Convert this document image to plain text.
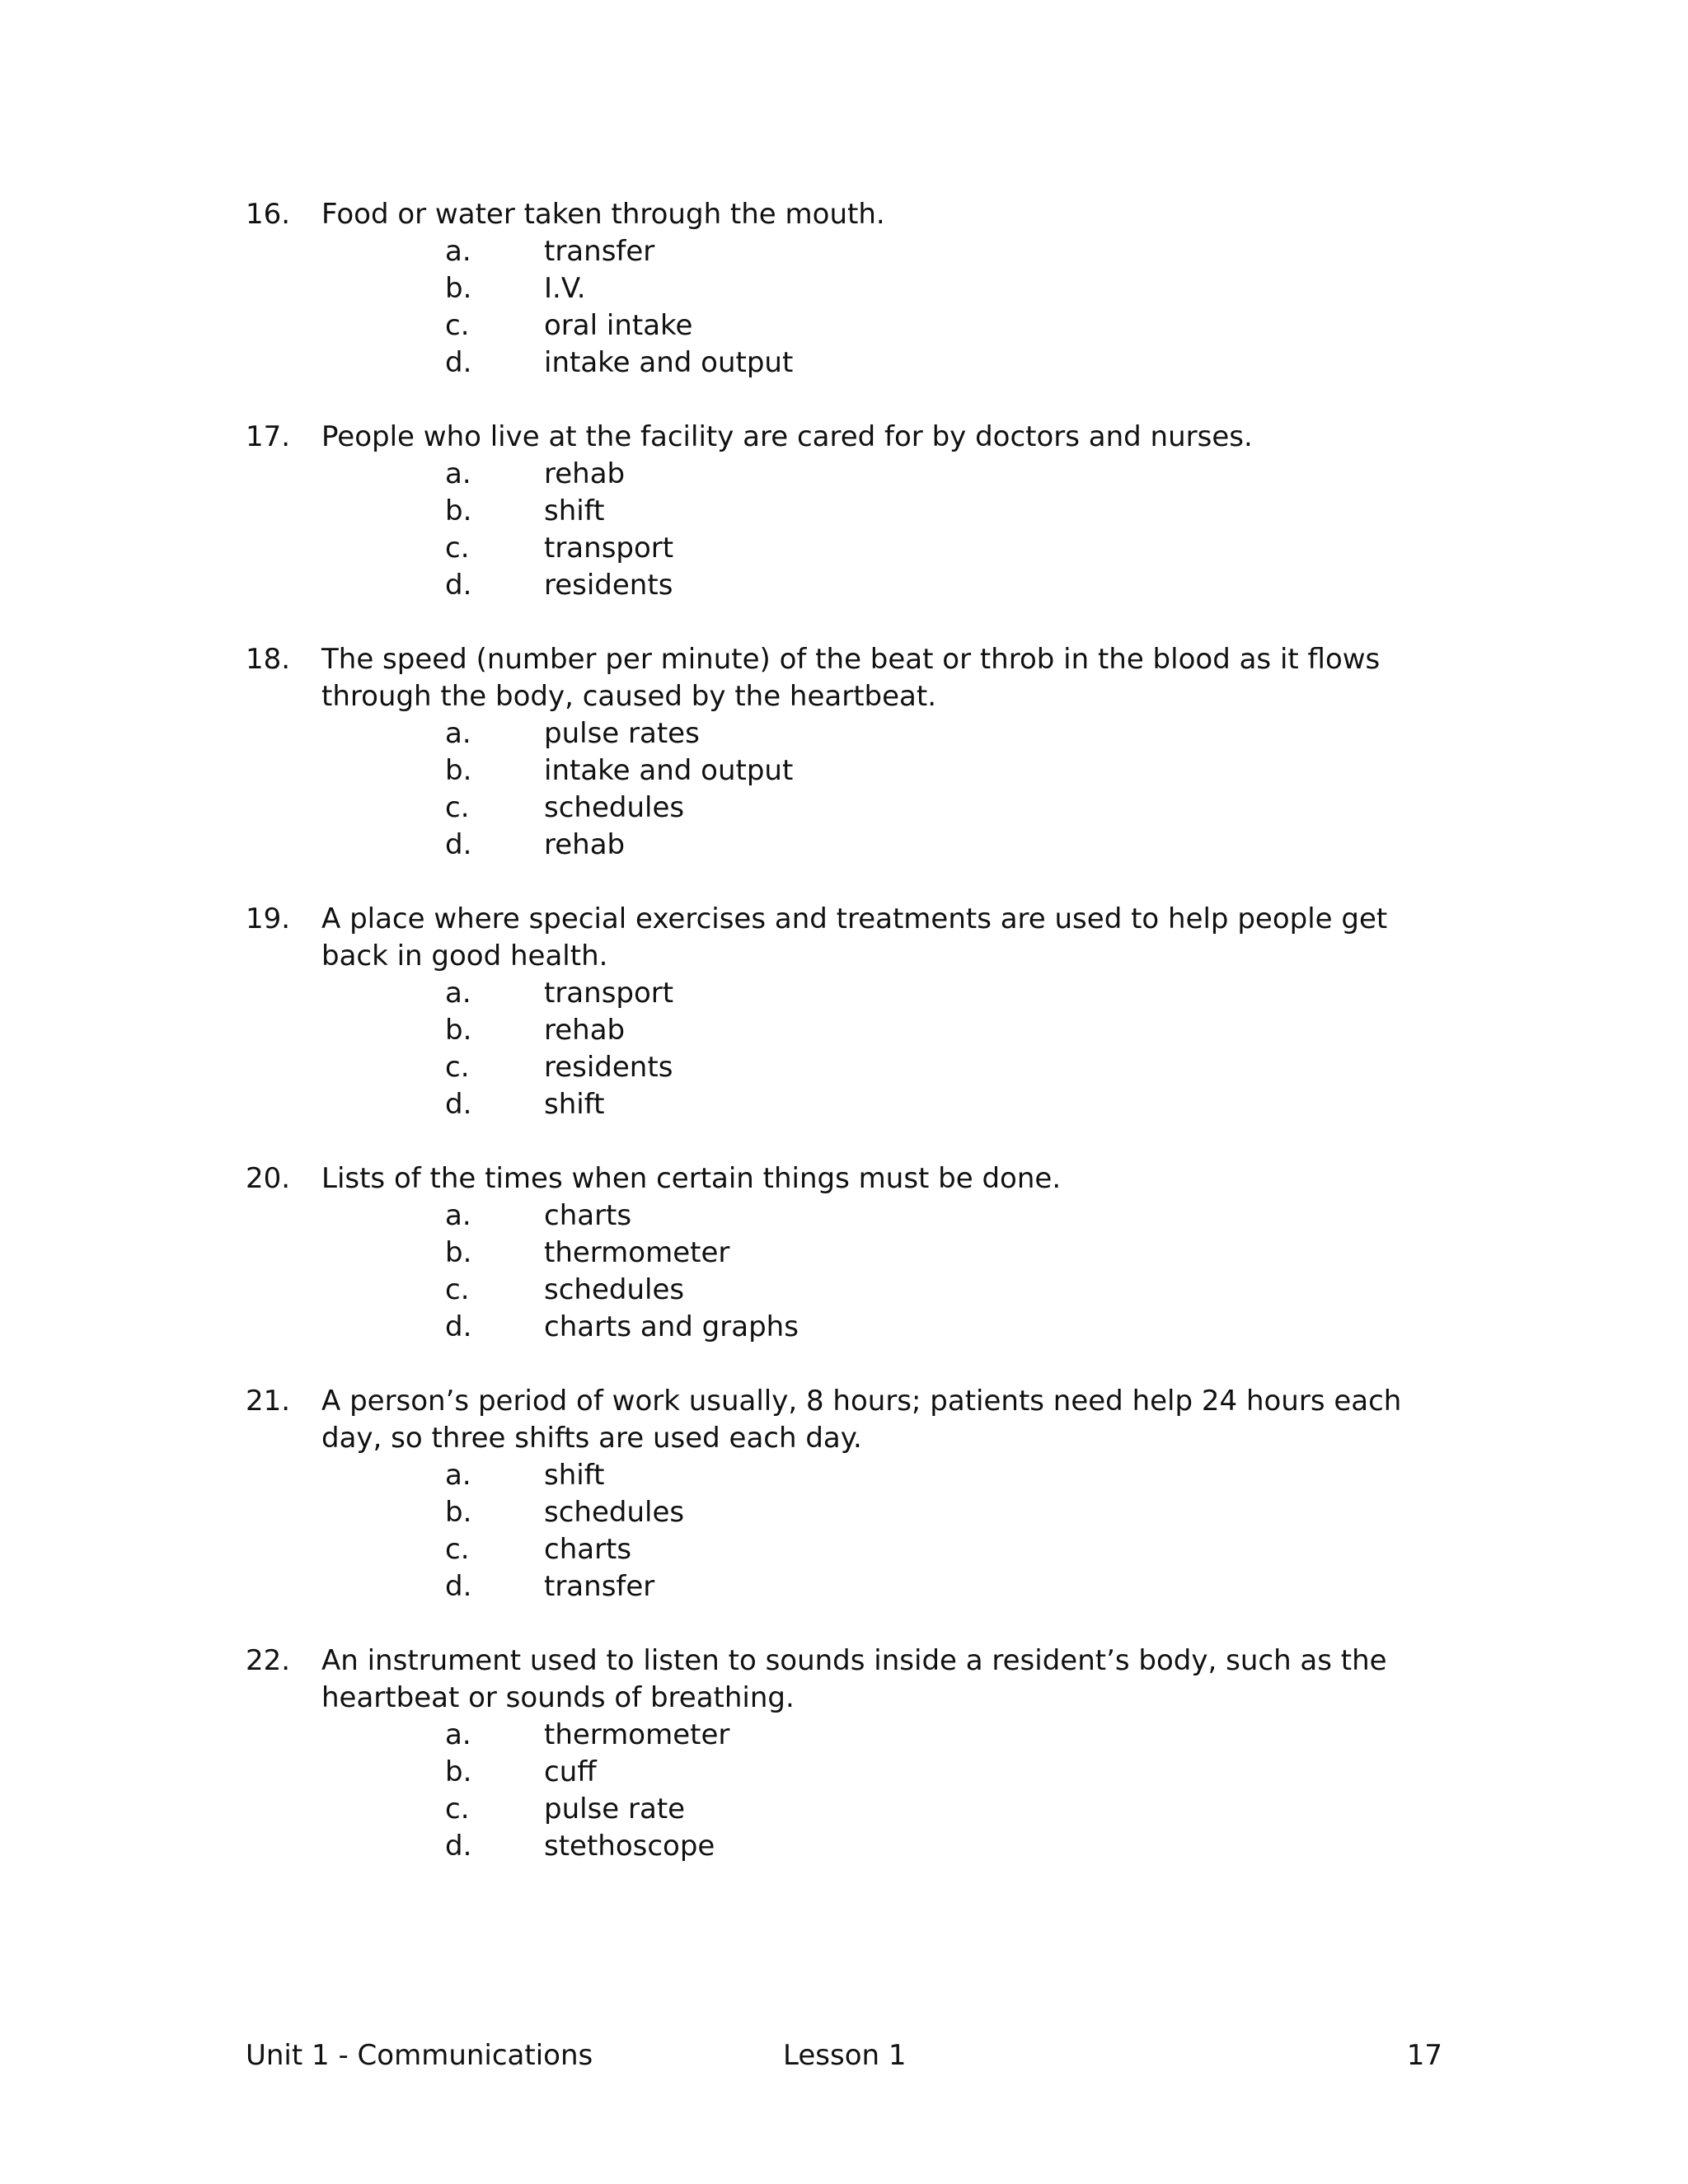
16.	Food or water taken through the mouth.
a.	transfer
b.	I.V.
c.	oral intake
d.	intake and output
17.	People who live at the facility are cared for by doctors and nurses.
a.	rehab
b.	shift
c.	transport
d.	residents
18.	The speed (number per minute) of the beat or throb in the blood as it flows through the body, caused by the heartbeat.
a.	pulse rates
b.	intake and output
c.	schedules
d.	rehab
19.	A place where special exercises and treatments are used to help people get back in good health.
a.	transport
b.	rehab
c.	residents
d.	shift
20.	Lists of the times when certain things must be done.
a.	charts
b.	thermometer
c.	schedules
d.	charts and graphs
21.	A person’s period of work usually, 8 hours; patients need help 24 hours each day, so three shifts are used each day.
a.	shift
b.	schedules
c.	charts
d.	transfer
22.	An instrument used to listen to sounds inside a resident’s body, such as the heartbeat or sounds of breathing.
a.	thermometer
b.	cuff
c.	pulse rate
d.	stethoscope
Unit 1 - Communications	Lesson 1	17
